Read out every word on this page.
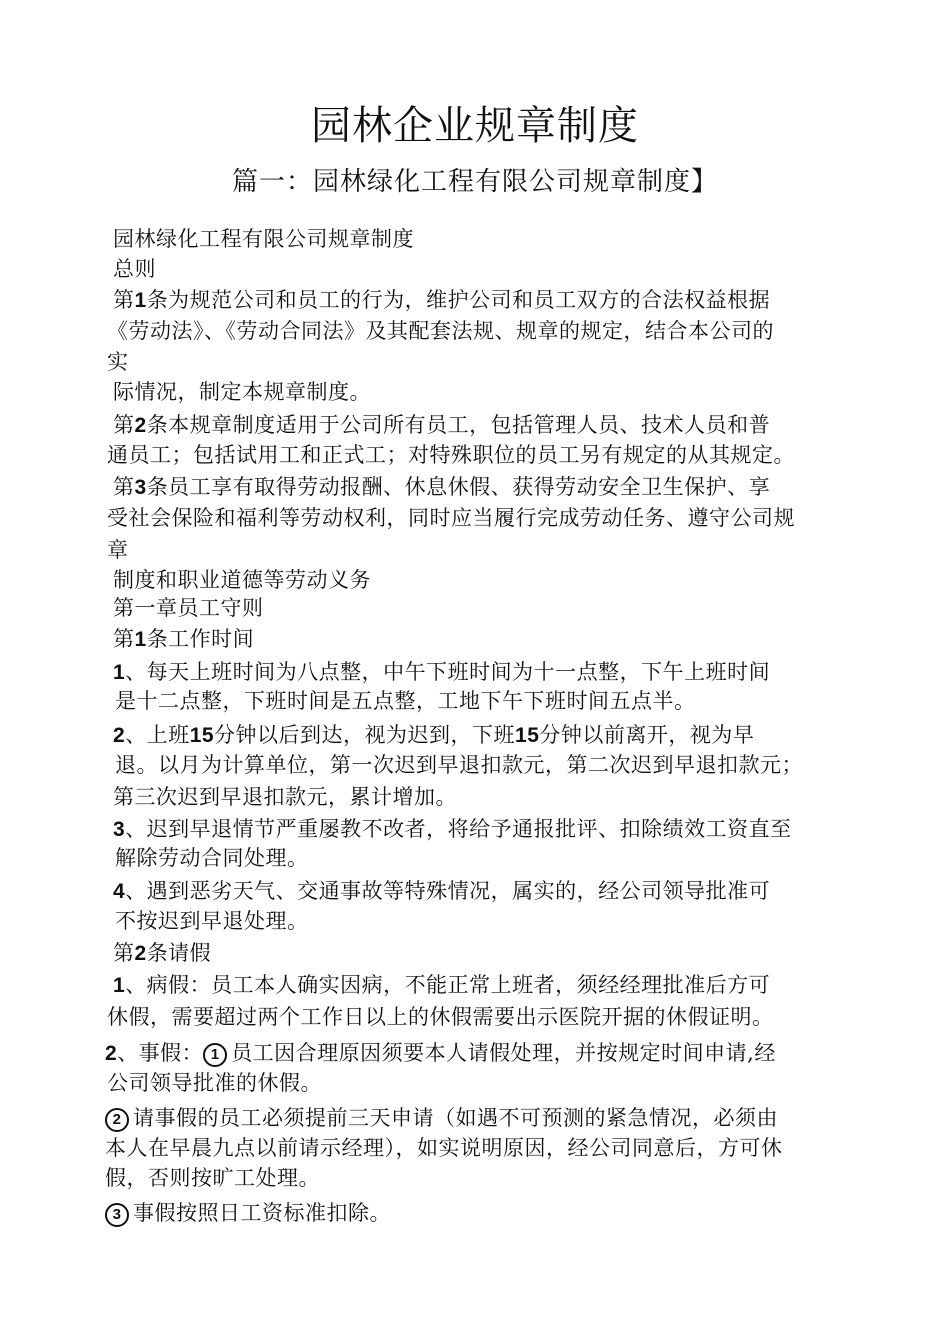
园林企业规章制度
篇一：园林绿化工程有限公司规章制度】
园林绿化工程有限公司规章制度
总则
第1条为规范公司和员工的行为，维护公司和员工双方的合法权益根据
《劳动法》、《劳动合同法》及其配套法规、规章的规定，结合本公司的
实
际情况，制定本规章制度。
第2条本规章制度适用于公司所有员工，包括管理人员、技术人员和普
通员工；包括试用工和正式工；对特殊职位的员工另有规定的从其规定。
第3条员工享有取得劳动报酬、休息休假、获得劳动安全卫生保护、享
受社会保险和福利等劳动权利，同时应当履行完成劳动任务、遵守公司规
章
制度和职业道德等劳动义务
第一章员工守则
第1条工作时间
1、每天上班时间为八点整，中午下班时间为十一点整，下午上班时间
是十二点整，下班时间是五点整，工地下午下班时间五点半。
2、上班15分钟以后到达，视为迟到，下班15分钟以前离开，视为早
退。以月为计算单位，第一次迟到早退扣款元，第二次迟到早退扣款元；
第三次迟到早退扣款元，累计增加。
3、迟到早退情节严重屡教不改者，将给予通报批评、扣除绩效工资直至
解除劳动合同处理。
4、遇到恶劣天气、交通事故等特殊情况，属实的，经公司领导批准可
不按迟到早退处理。
第2条请假
1、病假：员工本人确实因病，不能正常上班者，须经经理批准后方可
休假，需要超过两个工作日以上的休假需要出示医院开据的休假证明。
2、事假： 1 员工因合理原因须要本人请假处理，并按规定时间申请,经
公司领导批准的休假。
2 请事假的员工必须提前三天申请（如遇不可预测的紧急情况，必须由
本人在早晨九点以前请示经理），如实说明原因，经公司同意后，方可休
假，否则按旷工处理。
3 事假按照日工资标准扣除。
